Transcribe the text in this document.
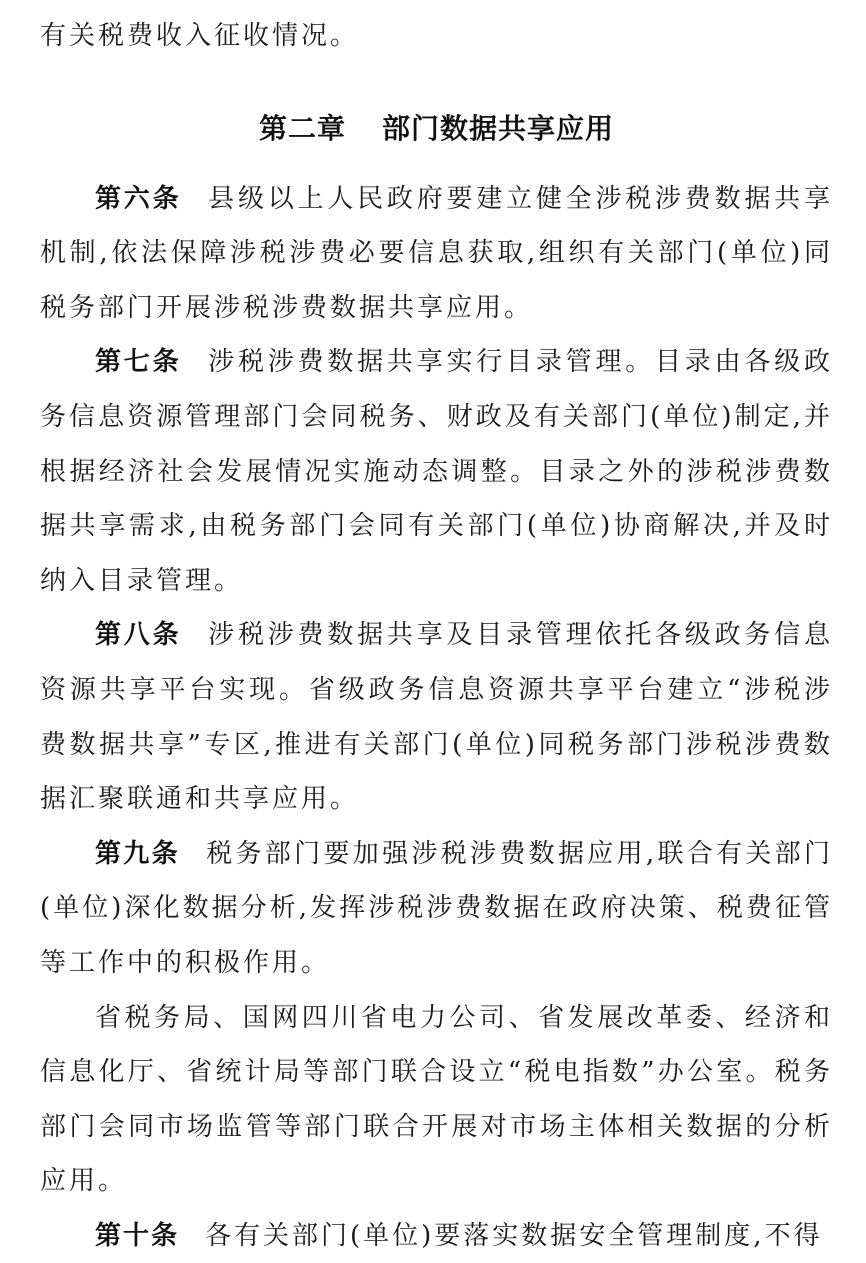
有关税费收入征收情况。

第二章 部门数据共享应用

第六条 县级以上人民政府要建立健全涉税涉费数据共享机制,依法保障涉税涉费必要信息获取,组织有关部门(单位)同税务部门开展涉税涉费数据共享应用。

第七条 涉税涉费数据共享实行目录管理。目录由各级政务信息资源管理部门会同税务、财政及有关部门(单位)制定,并根据经济社会发展情况实施动态调整。目录之外的涉税涉费数据共享需求,由税务部门会同有关部门(单位)协商解决,并及时纳入目录管理。

第八条 涉税涉费数据共享及目录管理依托各级政务信息资源共享平台实现。省级政务信息资源共享平台建立“涉税涉费数据共享”专区,推进有关部门(单位)同税务部门涉税涉费数据汇聚联通和共享应用。

第九条 税务部门要加强涉税涉费数据应用,联合有关部门(单位)深化数据分析,发挥涉税涉费数据在政府决策、税费征管等工作中的积极作用。

省税务局、国网四川省电力公司、省发展改革委、经济和信息化厅、省统计局等部门联合设立“税电指数”办公室。税务部门会同市场监管等部门联合开展对市场主体相关数据的分析应用。

第十条 各有关部门(单位)要落实数据安全管理制度,不得
